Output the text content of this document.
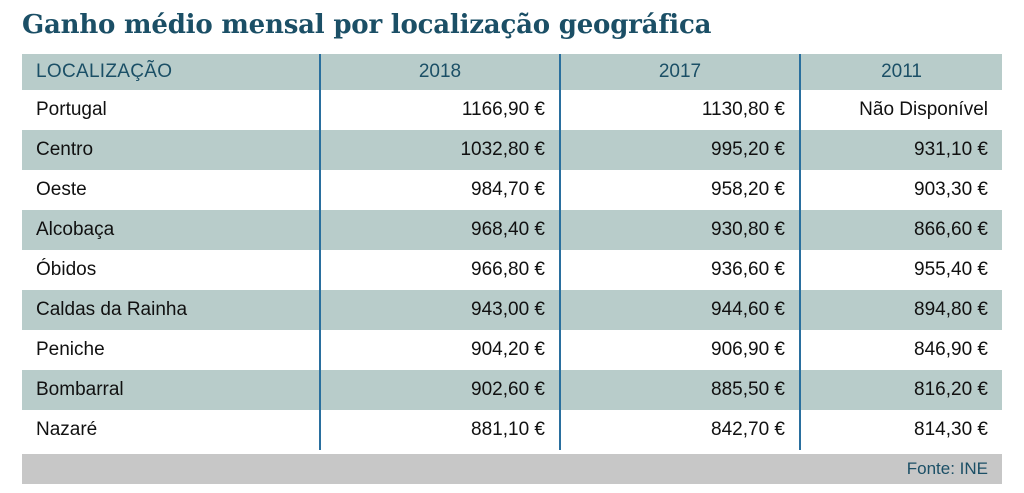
Ganho médio mensal por localização geográfica
LOCALIZAÇÃO	2018	2017	2011
Portugal	1166,90 €	1130,80 €	Não Disponível
Centro	1032,80 €	995,20 €	931,10 €
Oeste	984,70 €	958,20 €	903,30 €
Alcobaça	968,40 €	930,80 €	866,60 €
Óbidos	966,80 €	936,60 €	955,40 €
Caldas da Rainha	943,00 €	944,60 €	894,80 €
Peniche	904,20 €	906,90 €	846,90 €
Bombarral	902,60 €	885,50 €	816,20 €
Nazaré	881,10 €	842,70 €	814,30 €
Fonte: INE
